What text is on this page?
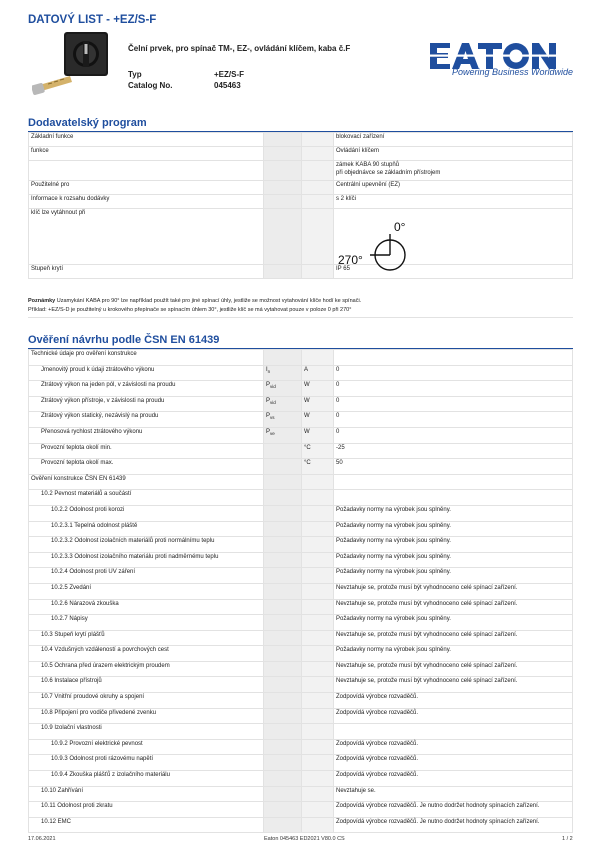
DATOVÝ LIST - +EZ/S-F
Čelní prvek, pro spínač TM-, EZ-, ovládání klíčem, kaba č.F
Typ	+EZ/S-F
Catalog No.	045463
Powering Business Worldwide
Dodavatelský program
Základní funkce			blokovací zařízení
funkce			Ovládání klíčem
			zámek KABA 90 stupňů
při objednávce se základním přístrojem
Použitelné pro			Centrální upevnění (EZ)
Informace k rozsahu dodávky			s 2 klíči
klíč lze vytáhnout při			
Stupeň krytí			IP 65
0°
270°
Poznámky Uzamykání KABA pro 90° lze například použít také pro jiné spínací úhly, jestliže se možnost vytahování klíče hodí ke spínači.
Příklad: +EZ/S-D je použitelný u krokového přepínače se spínacím úhlem 30°, jestliže klíč se má vytahovat pouze v poloze 0 při 270°
Ověření návrhu podle ČSN EN 61439
Technické údaje pro ověření konstrukce			
Jmenovitý proud k údaji ztrátového výkonu	$I_n$	A	0
Ztrátový výkon na jeden pól, v závislosti na proudu	$P_{vid}$	W	0
Ztrátový výkon přístroje, v závislosti na proudu	$P_{vid}$	W	0
Ztrátový výkon statický, nezávislý na proudu	$P_{vs}$	W	0
Přenosová rychlost ztrátového výkonu	$P_{ve}$	W	0
Provozní teplota okolí min.		°C	-25
Provozní teplota okolí max.		°C	50
Ověření konstrukce ČSN EN 61439			
10.2 Pevnost materiálů a součástí			
10.2.2 Odolnost proti korozi			Požadavky normy na výrobek jsou splněny.
10.2.3.1 Tepelná odolnost pláště			Požadavky normy na výrobek jsou splněny.
10.2.3.2 Odolnost izolačních materiálů proti normálnímu teplu			Požadavky normy na výrobek jsou splněny.
10.2.3.3 Odolnost izolačního materiálu proti nadměrnému teplu			Požadavky normy na výrobek jsou splněny.
10.2.4 Odolnost proti UV záření			Požadavky normy na výrobek jsou splněny.
10.2.5 Zvedání			Nevztahuje se, protože musí být vyhodnoceno celé spínací zařízení.
10.2.6 Nárazová zkouška			Nevztahuje se, protože musí být vyhodnoceno celé spínací zařízení.
10.2.7 Nápisy			Požadavky normy na výrobek jsou splněny.
10.3 Stupeň krytí plášťů			Nevztahuje se, protože musí být vyhodnoceno celé spínací zařízení.
10.4 Vzdušných vzdáleností a povrchových cest			Požadavky normy na výrobek jsou splněny.
10.5 Ochrana před úrazem elektrickým proudem			Nevztahuje se, protože musí být vyhodnoceno celé spínací zařízení.
10.6 Instalace přístrojů			Nevztahuje se, protože musí být vyhodnoceno celé spínací zařízení.
10.7 Vnitřní proudové okruhy a spojení			Zodpovídá výrobce rozvaděčů.
10.8 Připojení pro vodiče přivedené zvenku			Zodpovídá výrobce rozvaděčů.
10.9 Izolační vlastnosti			
10.9.2 Provozní elektrické pevnost			Zodpovídá výrobce rozvaděčů.
10.9.3 Odolnost proti rázovému napětí			Zodpovídá výrobce rozvaděčů.
10.9.4 Zkouška plášťů z izolačního materiálu			Zodpovídá výrobce rozvaděčů.
10.10 Zahřívání			Nevztahuje se.
10.11 Odolnost proti zkratu			Zodpovídá výrobce rozvaděčů. Je nutno dodržet hodnoty spínacích zařízení.
10.12 EMC			Zodpovídá výrobce rozvaděčů. Je nutno dodržet hodnoty spínacích zařízení.
17.06.2021	Eaton 045463 ED2021 V80.0 CS	1 / 2
